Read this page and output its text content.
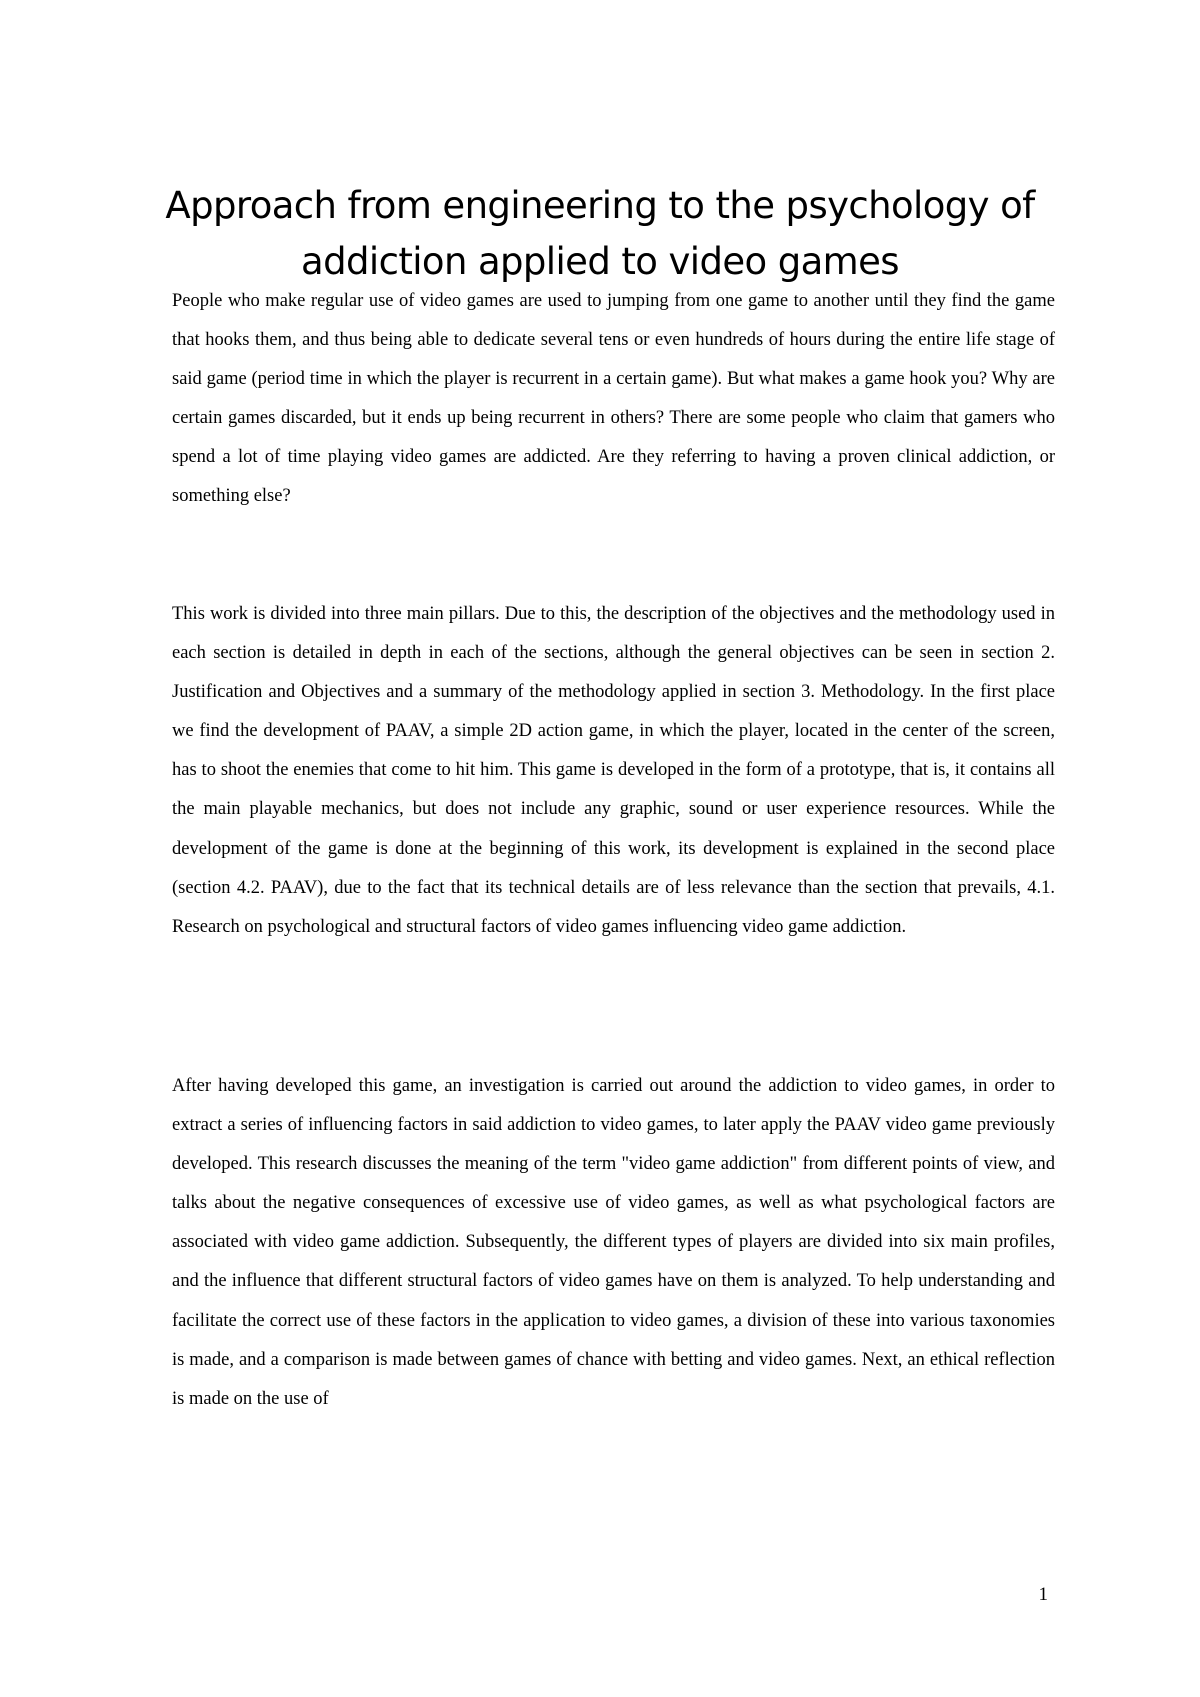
Approach from engineering to the psychology of addiction applied to video games

People who make regular use of video games are used to jumping from one game to another until they find the game that hooks them, and thus being able to dedicate several tens or even hundreds of hours during the entire life stage of said game (period time in which the player is recurrent in a certain game). But what makes a game hook you? Why are certain games discarded, but it ends up being recurrent in others? There are some people who claim that gamers who spend a lot of time playing video games are addicted. Are they referring to having a proven clinical addiction, or something else?

This work is divided into three main pillars. Due to this, the description of the objectives and the methodology used in each section is detailed in depth in each of the sections, although the general objectives can be seen in section 2. Justification and Objectives and a summary of the methodology applied in section 3. Methodology. In the first place we find the development of PAAV, a simple 2D action game, in which the player, located in the center of the screen, has to shoot the enemies that come to hit him. This game is developed in the form of a prototype, that is, it contains all the main playable mechanics, but does not include any graphic, sound or user experience resources. While the development of the game is done at the beginning of this work, its development is explained in the second place (section 4.2. PAAV), due to the fact that its technical details are of less relevance than the section that prevails, 4.1. Research on psychological and structural factors of video games influencing video game addiction.

After having developed this game, an investigation is carried out around the addiction to video games, in order to extract a series of influencing factors in said addiction to video games, to later apply the PAAV video game previously developed. This research discusses the meaning of the term "video game addiction" from different points of view, and talks about the negative consequences of excessive use of video games, as well as what psychological factors are associated with video game addiction. Subsequently, the different types of players are divided into six main profiles, and the influence that different structural factors of video games have on them is analyzed. To help understanding and facilitate the correct use of these factors in the application to video games, a division of these into various taxonomies is made, and a comparison is made between games of chance with betting and video games. Next, an ethical reflection is made on the use of

1
